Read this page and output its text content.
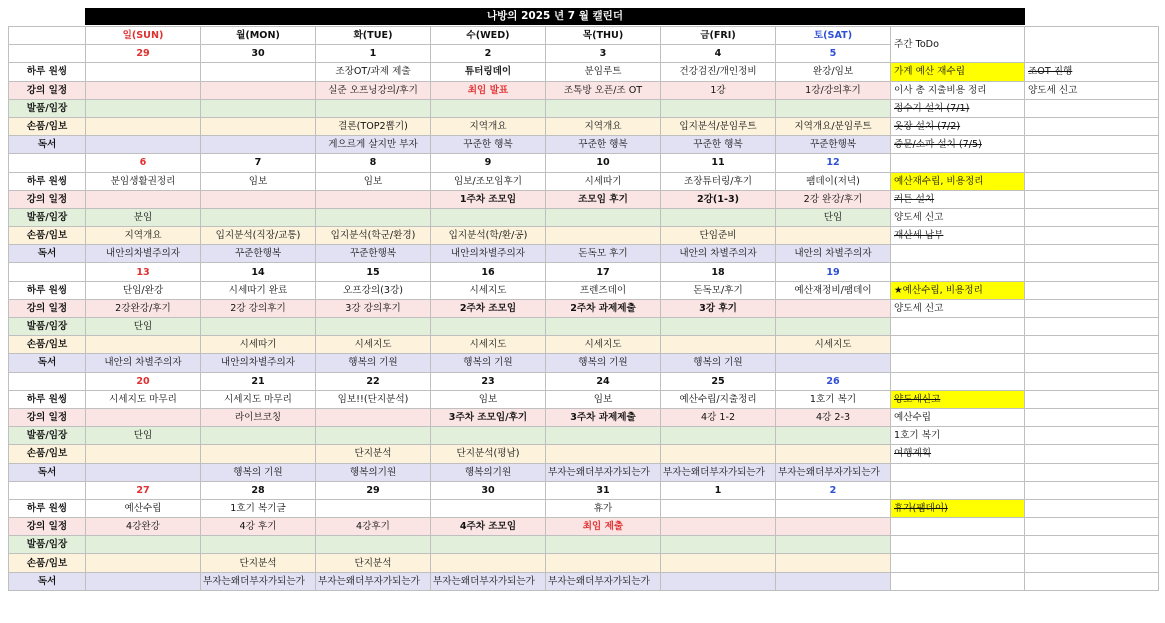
나방의 2025 년 7 월 캘린더
	일(SUN)	월(MON)	화(TUE)	수(WED)	목(THU)	금(FRI)	토(SAT)	주간 ToDo	
	29	30	1	2	3	4	5		
하루 원씽			조장OT/과제 제출	튜터링데이	분임루트	건강검진/개인정비	완강/임보	가계 예산 재수립	조OT 진행
강의 일정			실준 오프닝강의/후기	최임 발표	조톡방 오픈/조 OT	1강	1강/강의후기	이사 총 지출비용 정리	양도세 신고
발품/임장								정수기 설치 (7/1)	
손품/임보			결론(TOP2뽑기)	지역개요	지역개요	입지분석/분임루트	지역개요/분임루트	옷장 설치 (7/2)	
독서			게으르게 살지만 부자	꾸준한 행복	꾸준한 행복	꾸준한 행복	꾸준한행복	중문/소파 설치 (7/5)	
	6	7	8	9	10	11	12		
하루 원씽	분임생활권정리	임보	임보	임보/조모임후기	시세따기	조장튜터링/후기	팸데이(저녁)	예산재수립, 비용정리	
강의 일정				1주차 조모임	조모임 후기	2강(1-3)	2강 완강/후기	커튼 설치	
발품/임장	분임						단임	양도세 신고	
손품/임보	지역개요	입지분석(직장/교통)	입지분석(학군/환경)	입지분석(학/환/공)		단임준비		재산세 납부	
독서	내안의차별주의자	꾸준한행복	꾸준한행복	내안의차별주의자	돈독모 후기	내안의 차별주의자	내안의 차별주의자		
	13	14	15	16	17	18	19		
하루 원씽	단임/완강	시세따기 완료	오프강의(3강)	시세지도	프렌즈데이	돈독모/후기	예산재정비/팸데이	★예산수립, 비용정리	
강의 일정	2강완강/후기	2강 강의후기	3강 강의후기	2주차 조모임	2주차 과제제출	3강 후기		양도세 신고	
발품/임장	단임								
손품/임보		시세따기	시세지도	시세지도	시세지도		시세지도		
독서	내안의 차별주의자	내안의차별주의자	행복의 기원	행복의 기원	행복의 기원	행복의 기원			
	20	21	22	23	24	25	26		
하루 원씽	시세지도 마무리	시세지도 마무리	임보!!(단지분석)	임보	임보	예산수립/지출정리	1호기 복기	양도세신고	
강의 일정		라이브코칭		3주차 조모임/후기	3주차 과제제출	4강 1-2	4강 2-3	예산수립	
발품/임장	단임							1호기 복기	
손품/임보			단지분석	단지분석(평남)				여행계획	
독서		행복의 기원	행복의기원	행복의기원	부자는왜더부자가되는가	부자는왜더부자가되는가	부자는왜더부자가되는가		
	27	28	29	30	31	1	2		
하루 원씽	예산수립	1호기 복기글			휴가			휴가(팸데이)	
강의 일정	4강완강	4강 후기	4강후기	4주차 조모임	최임 제출				
발품/임장									
손품/임보		단지분석	단지분석						
독서		부자는왜더부자가되는가	부자는왜더부자가되는가	부자는왜더부자가되는가	부자는왜더부자가되는가				
